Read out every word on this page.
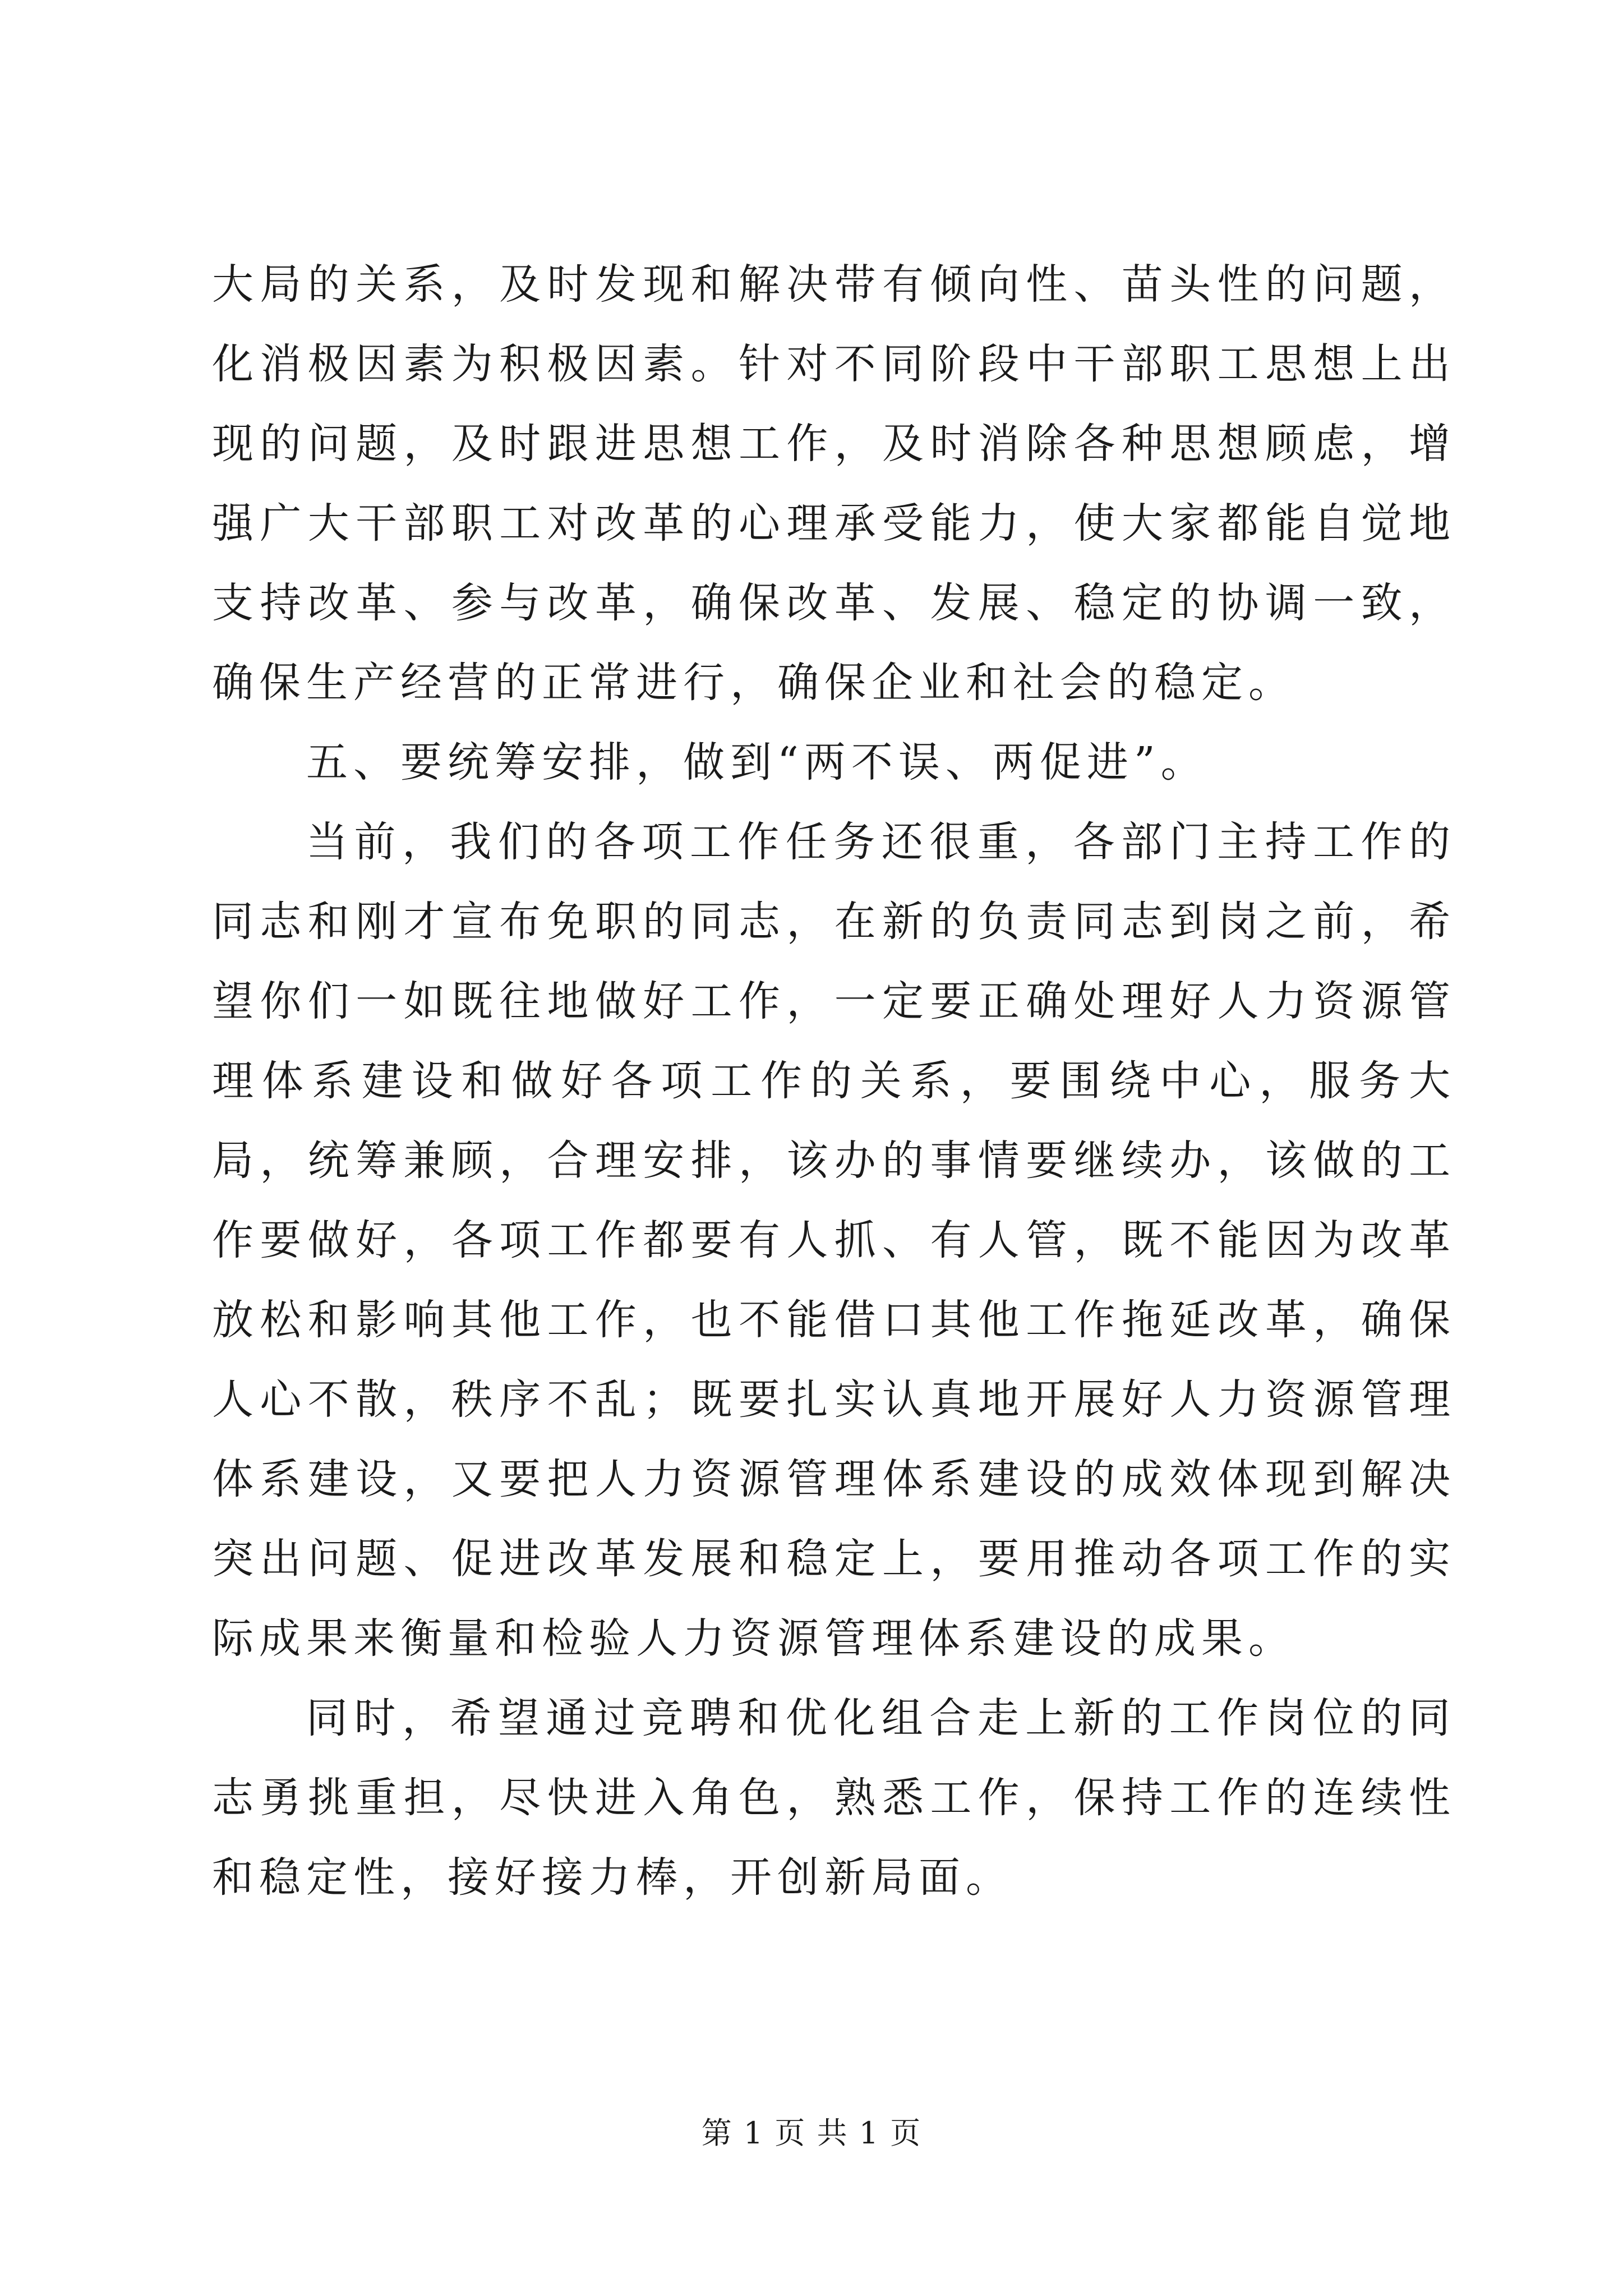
大局的关系，及时发现和解决带有倾向性、苗头性的问题，化消极因素为积极因素。针对不同阶段中干部职工思想上出现的问题，及时跟进思想工作，及时消除各种思想顾虑，增强广大干部职工对改革的心理承受能力，使大家都能自觉地支持改革、参与改革，确保改革、发展、稳定的协调一致，确保生产经营的正常进行，确保企业和社会的稳定。

五、要统筹安排，做到“两不误、两促进”。

当前，我们的各项工作任务还很重，各部门主持工作的同志和刚才宣布免职的同志，在新的负责同志到岗之前，希望你们一如既往地做好工作，一定要正确处理好人力资源管理体系建设和做好各项工作的关系，要围绕中心，服务大局，统筹兼顾，合理安排，该办的事情要继续办，该做的工作要做好，各项工作都要有人抓、有人管，既不能因为改革放松和影响其他工作，也不能借口其他工作拖延改革，确保人心不散，秩序不乱；既要扎实认真地开展好人力资源管理体系建设，又要把人力资源管理体系建设的成效体现到解决突出问题、促进改革发展和稳定上，要用推动各项工作的实际成果来衡量和检验人力资源管理体系建设的成果。

同时，希望通过竞聘和优化组合走上新的工作岗位的同志勇挑重担，尽快进入角色，熟悉工作，保持工作的连续性和稳定性，接好接力棒，开创新局面。

第 1 页 共 1 页
